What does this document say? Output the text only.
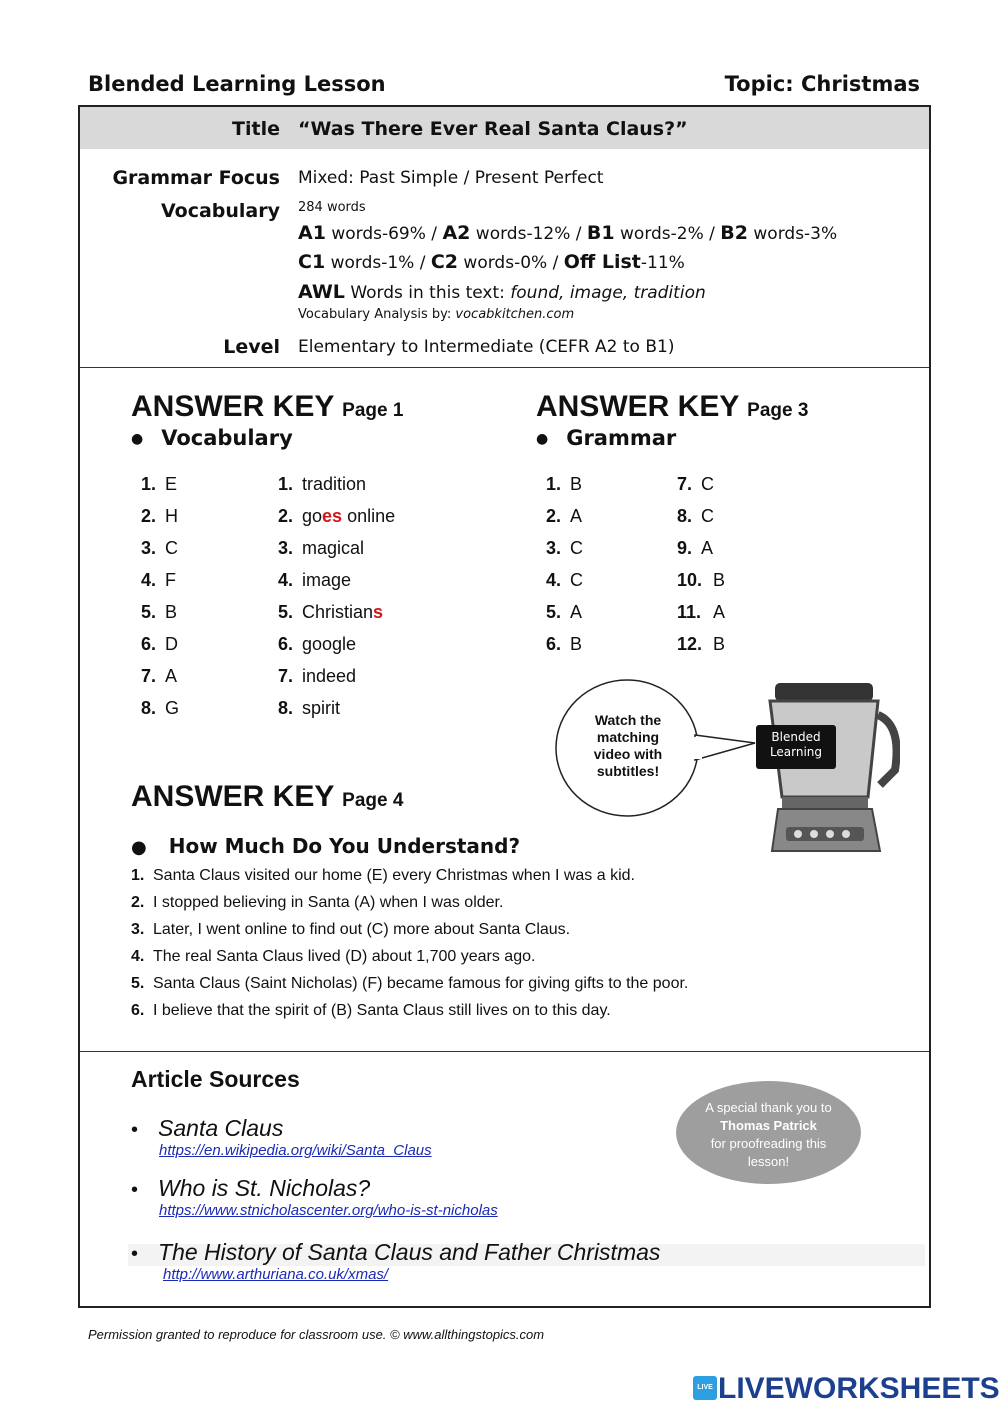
Blended Learning Lesson	Topic: Christmas
Title “Was There Ever Real Santa Claus?”
Grammar Focus Mixed: Past Simple / Present Perfect
Vocabulary 284 words
A1 words-69% / A2 words-12% / B1 words-2% / B2 words-3%
C1 words-1% / C2 words-0% / Off List-11%
AWL Words in this text: found, image, tradition
Vocabulary Analysis by: vocabkitchen.com
Level Elementary to Intermediate (CEFR A2 to B1)
ANSWER KEY Page 1
● Vocabulary
1. E
2. H
3. C
4. F
5. B
6. D
7. A
8. G
1. tradition
2. goes online
3. magical
4. image
5. Christians
6. google
7. indeed
8. spirit
ANSWER KEY Page 3
● Grammar
1. B
2. A
3. C
4. C
5. A
6. B
7. C
8. C
9. A
10. B
11. A
12. B
Watch the matching video with subtitles!
Blended Learning
ANSWER KEY Page 4
● How Much Do You Understand?
1. Santa Claus visited our home (E) every Christmas when I was a kid.
2. I stopped believing in Santa (A) when I was older.
3. Later, I went online to find out (C) more about Santa Claus.
4. The real Santa Claus lived (D) about 1,700 years ago.
5. Santa Claus (Saint Nicholas) (F) became famous for giving gifts to the poor.
6. I believe that the spirit of (B) Santa Claus still lives on to this day.
Article Sources
• Santa Claus
https://en.wikipedia.org/wiki/Santa_Claus
• Who is St. Nicholas?
https://www.stnicholascenter.org/who-is-st-nicholas
• The History of Santa Claus and Father Christmas
http://www.arthuriana.co.uk/xmas/
A special thank you to
Thomas Patrick
for proofreading this lesson!
Permission granted to reproduce for classroom use. © www.allthingstopics.com
LIVE LIVEWORKSHEETS
